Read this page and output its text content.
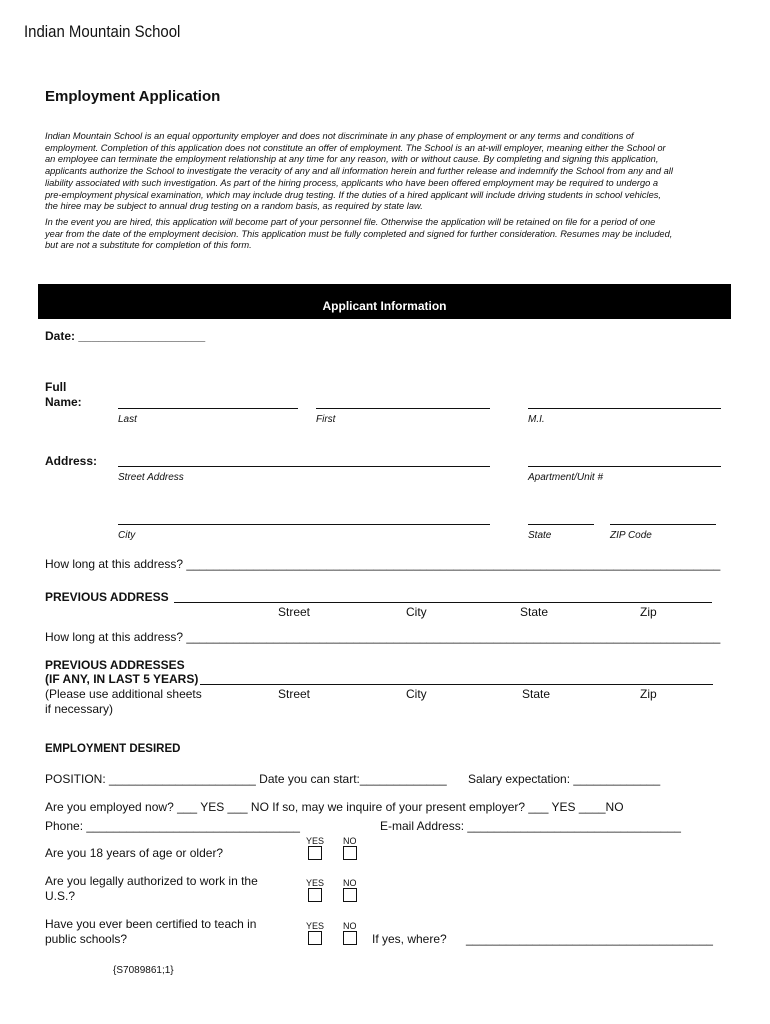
Indian Mountain School
Employment Application

Indian Mountain School is an equal opportunity employer and does not discriminate in any phase of employment or any terms and conditions of employment. Completion of this application does not constitute an offer of employment. The School is an at-will employer, meaning either the School or an employee can terminate the employment relationship at any time for any reason, with or without cause. By completing and signing this application, applicants authorize the School to investigate the veracity of any and all information herein and further release and indemnify the School from any and all liability associated with such investigation. As part of the hiring process, applicants who have been offered employment may be required to undergo a pre-employment physical examination, which may include drug testing. If the duties of a hired applicant will include driving students in school vehicles, the hiree may be subject to annual drug testing on a random basis, as required by state law.

In the event you are hired, this application will become part of your personnel file. Otherwise the application will be retained on file for a period of one year from the date of the employment decision. This application must be fully completed and signed for further consideration. Resumes may be included, but are not a substitute for completion of this form.

Applicant Information
Date: ___________________
Full
Name:
Last	First	M.I.
Address:
Street Address	Apartment/Unit #
City	State	ZIP Code
How long at this address? ________________________________________________________________________________
PREVIOUS ADDRESS
Street	City	State	Zip
How long at this address? ________________________________________________________________________________
PREVIOUS ADDRESSES
(IF ANY, IN LAST 5 YEARS)
(Please use additional sheets
if necessary)
Street	City	State	Zip
EMPLOYMENT DESIRED
POSITION: ______________________ Date you can start:_____________ Salary expectation: _____________
Are you employed now? ___ YES ___ NO If so, may we inquire of your present employer? ___ YES ____NO
Phone: ________________________________	E-mail Address: ________________________________
YES NO
Are you 18 years of age or older?
Are you legally authorized to work in the
U.S.?
YES NO
Have you ever been certified to teach in
public schools?
YES NO
If yes, where? _____________________________________
{S7089861;1}
